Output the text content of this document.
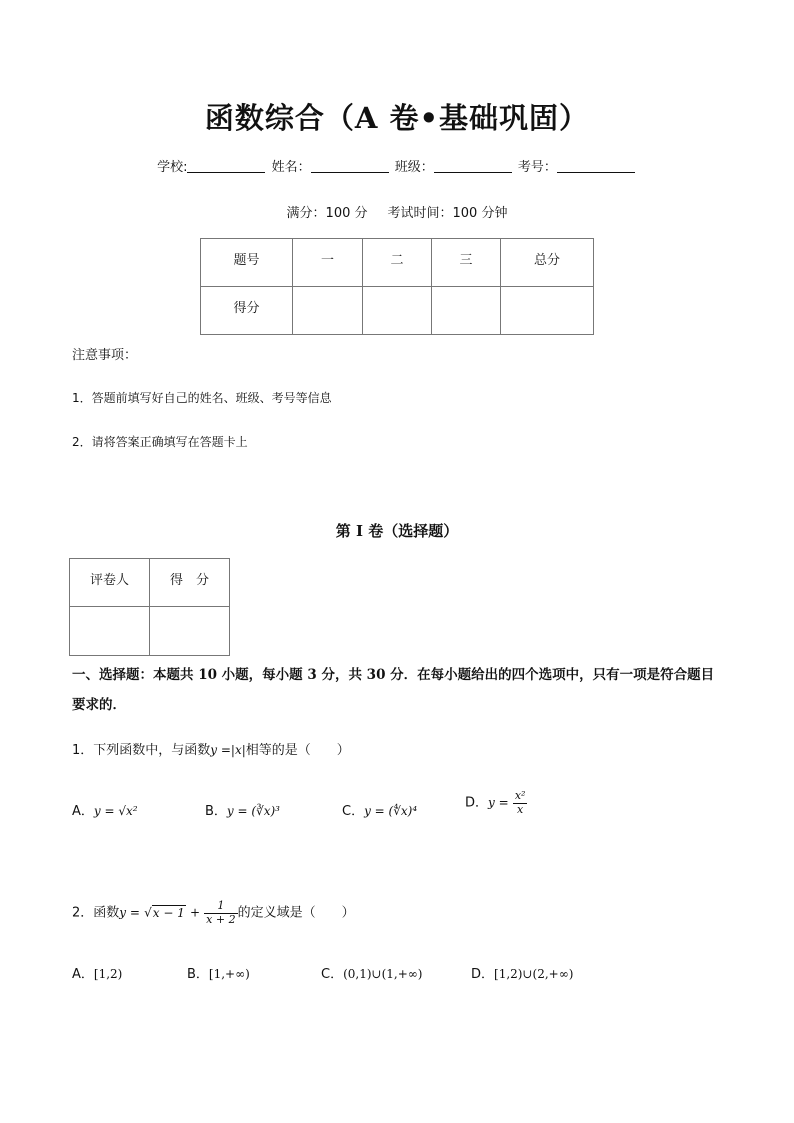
函数综合（A 卷•基础巩固）
学校:	姓名：	班级：	考号：
满分：100 分 考试时间：100 分钟
题号	一	二	三	总分
得分				
注意事项：
1．答题前填写好自己的姓名、班级、考号等信息
2．请将答案正确填写在答题卡上
第 I 卷（选择题）
评卷人	得　分

一、选择题：本题共 10 小题，每小题 3 分，共 30 分．在每小题给出的四个选项中，只有一项是符合题目
要求的．
1．下列函数中，与函数y =|x|相等的是（　　）
A．y = √x²	B．y = (∛x)³	C．y = (∜x)⁴
D．$y = \frac{\text{x²}}{x}$
2．函数$y = √x - 1 + \frac{1}{x + 2}$ 的定义域是（　　）
A．[1,2)	B．[1,+∞)	C．(0,1)∪(1,+∞)	D．[1,2)∪(2,+∞)
